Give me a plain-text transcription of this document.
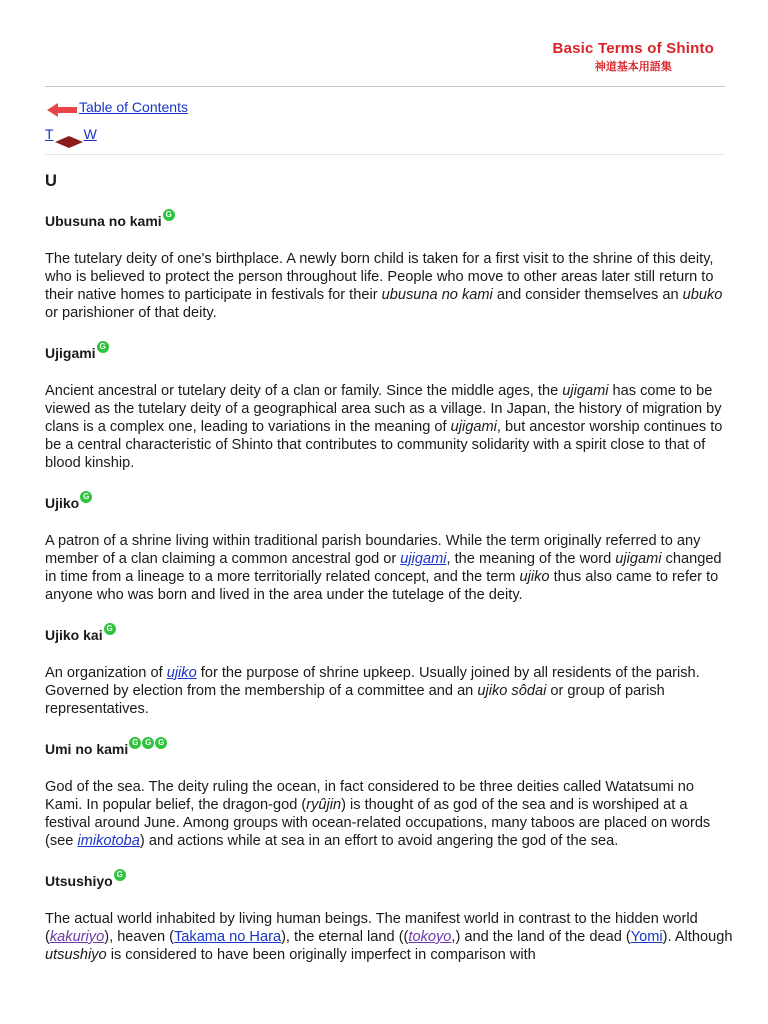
Basic Terms of Shinto
神道基本用語集
Table of Contents
T W
U
Ubusuna no kami
G

The tutelary deity of one's birthplace. A newly born child is taken for a first visit to the shrine of this deity, who is believed to protect the person throughout life. People who move to other areas later still return to their native homes to participate in festivals for their ubusuna no kami and consider themselves an ubuko or parishioner of that deity.

Ujigami
G

Ancient ancestral or tutelary deity of a clan or family. Since the middle ages, the ujigami has come to be viewed as the tutelary deity of a geographical area such as a village. In Japan, the history of migration by clans is a complex one, leading to variations in the meaning of ujigami, but ancestor worship continues to be a central characteristic of Shinto that contributes to community solidarity with a spirit close to that of blood kinship.

Ujiko
G

A patron of a shrine living within traditional parish boundaries. While the term originally referred to any member of a clan claiming a common ancestral god or ujigami, the meaning of the word ujigami changed in time from a lineage to a more territorially related concept, and the term ujiko thus also came to refer to anyone who was born and lived in the area under the tutelage of the deity.

Ujiko kai
G

An organization of ujiko for the purpose of shrine upkeep. Usually joined by all residents of the parish. Governed by election from the membership of a committee and an ujiko sôdai or group of parish representatives.

Umi no kami
G
G
G

God of the sea. The deity ruling the ocean, in fact considered to be three deities called Watatsumi no Kami. In popular belief, the dragon-god (ryûjin) is thought of as god of the sea and is worshiped at a festival around June. Among groups with ocean-related occupations, many taboos are placed on words (see imikotoba) and actions while at sea in an effort to avoid angering the god of the sea.

Utsushiyo
G

The actual world inhabited by living human beings. The manifest world in contrast to the hidden world (kakuriyo), heaven (Takama no Hara), the eternal land ((tokoyo,) and the land of the dead (Yomi). Although utsushiyo is considered to have been originally imperfect in comparison with
